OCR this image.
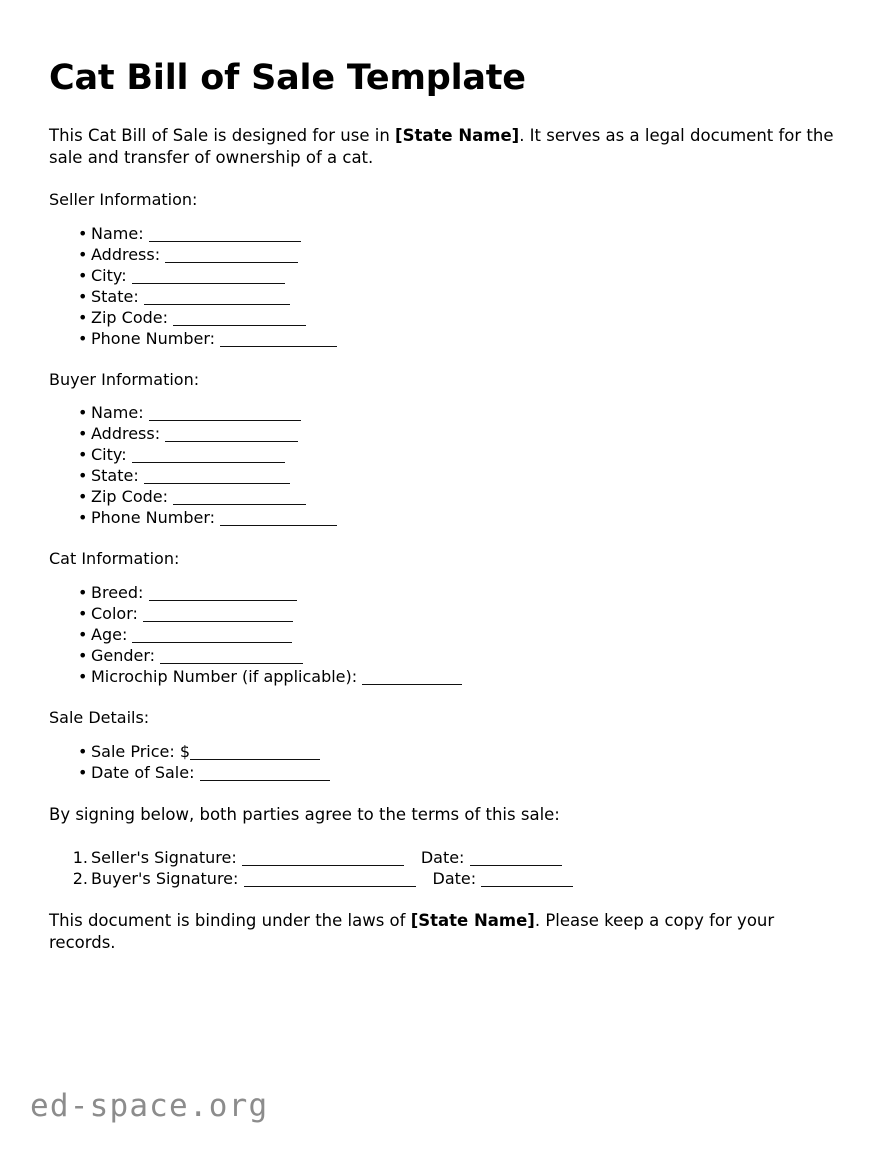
Cat Bill of Sale Template

This Cat Bill of Sale is designed for use in [State Name]. It serves as a legal document for the sale and transfer of ownership of a cat.

Seller Information:

• Name:
• Address:
• City:
• State:
• Zip Code:
• Phone Number:

Buyer Information:

• Name:
• Address:
• City:
• State:
• Zip Code:
• Phone Number:

Cat Information:

• Breed:
• Color:
• Age:
• Gender:
• Microchip Number (if applicable):

Sale Details:

• Sale Price: $
• Date of Sale:

By signing below, both parties agree to the terms of this sale:

Seller's Signature:	Date:
Buyer's Signature:	Date:

This document is binding under the laws of [State Name]. Please keep a copy for your records.

ed-space.org
